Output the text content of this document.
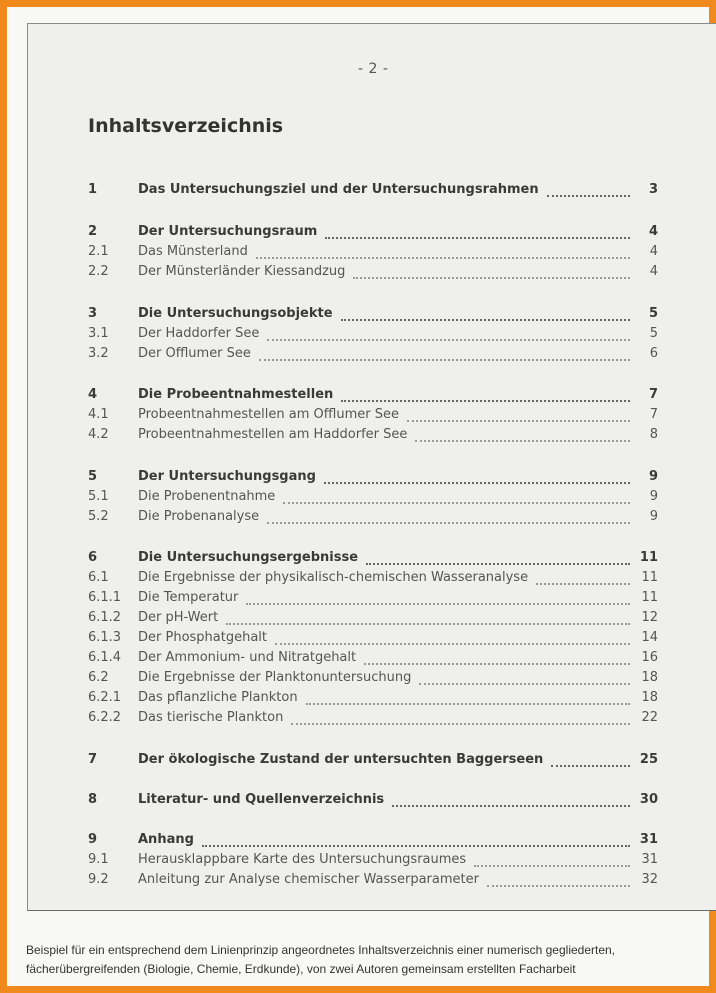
- 2 -
Inhaltsverzeichnis
1	Das Untersuchungsziel und der Untersuchungsrahmen	3
2	Der Untersuchungsraum	4
2.1	Das Münsterland	4
2.2	Der Münsterländer Kiessandzug	4
3	Die Untersuchungsobjekte	5
3.1	Der Haddorfer See	5
3.2	Der Offlumer See	6
4	Die Probeentnahmestellen	7
4.1	Probeentnahmestellen am Offlumer See	7
4.2	Probeentnahmestellen am Haddorfer See	8
5	Der Untersuchungsgang	9
5.1	Die Probenentnahme	9
5.2	Die Probenanalyse	9
6	Die Untersuchungsergebnisse	11
6.1	Die Ergebnisse der physikalisch-chemischen Wasseranalyse	11
6.1.1	Die Temperatur	11
6.1.2	Der pH-Wert	12
6.1.3	Der Phosphatgehalt	14
6.1.4	Der Ammonium- und Nitratgehalt	16
6.2	Die Ergebnisse der Planktonuntersuchung	18
6.2.1	Das pflanzliche Plankton	18
6.2.2	Das tierische Plankton	22
7	Der ökologische Zustand der untersuchten Baggerseen	25
8	Literatur- und Quellenverzeichnis	30
9	Anhang	31
9.1	Herausklappbare Karte des Untersuchungsraumes	31
9.2	Anleitung zur Analyse chemischer Wasserparameter	32
Beispiel für ein entsprechend dem Linienprinzip angeordnetes Inhaltsverzeichnis einer numerisch gegliederten,
fächerübergreifenden (Biologie, Chemie, Erdkunde), von zwei Autoren gemeinsam erstellten Facharbeit
